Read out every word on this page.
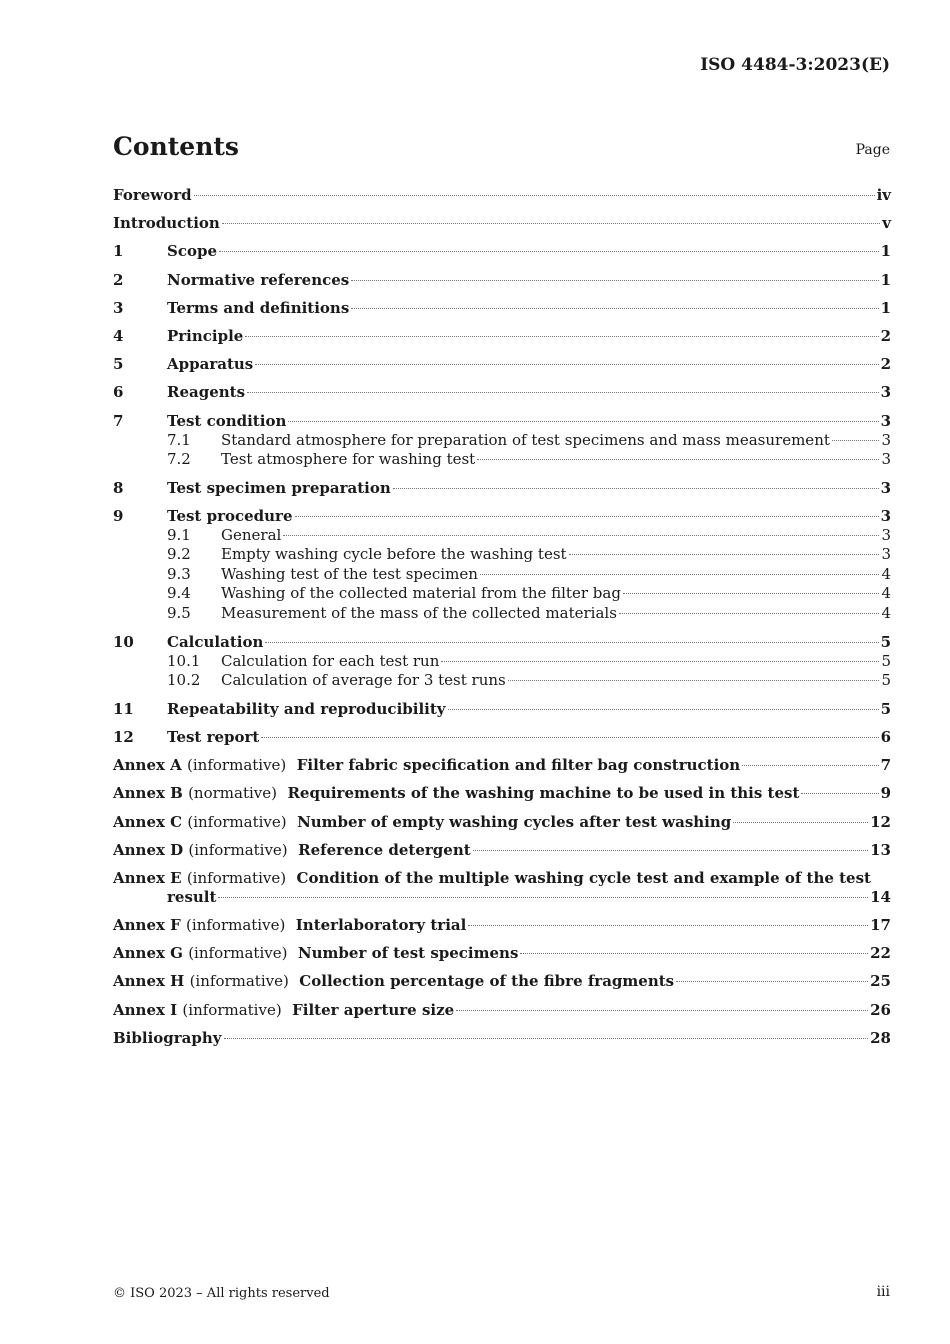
ISO 4484-3:2023(E)
Contents	Page
Foreword	iv
Introduction	v
1	Scope	1
2	Normative references	1
3	Terms and definitions	1
4	Principle	2
5	Apparatus	2
6	Reagents	3
7	Test condition	3
7.1	Standard atmosphere for preparation of test specimens and mass measurement	3
7.2	Test atmosphere for washing test	3
8	Test specimen preparation	3
9	Test procedure	3
9.1	General	3
9.2	Empty washing cycle before the washing test	3
9.3	Washing test of the test specimen	4
9.4	Washing of the collected material from the filter bag	4
9.5	Measurement of the mass of the collected materials	4
10	Calculation	5
10.1	Calculation for each test run	5
10.2	Calculation of average for 3 test runs	5
11	Repeatability and reproducibility	5
12	Test report	6
Annex A (informative) Filter fabric specification and filter bag construction	7
Annex B (normative) Requirements of the washing machine to be used in this test	9
Annex C (informative) Number of empty washing cycles after test washing	12
Annex D (informative) Reference detergent	13
Annex E (informative) Condition of the multiple washing cycle test and example of the test
result	14
Annex F (informative) Interlaboratory trial	17
Annex G (informative) Number of test specimens	22
Annex H (informative) Collection percentage of the fibre fragments	25
Annex I (informative) Filter aperture size	26
Bibliography	28
© ISO 2023 – All rights reserved	iii
